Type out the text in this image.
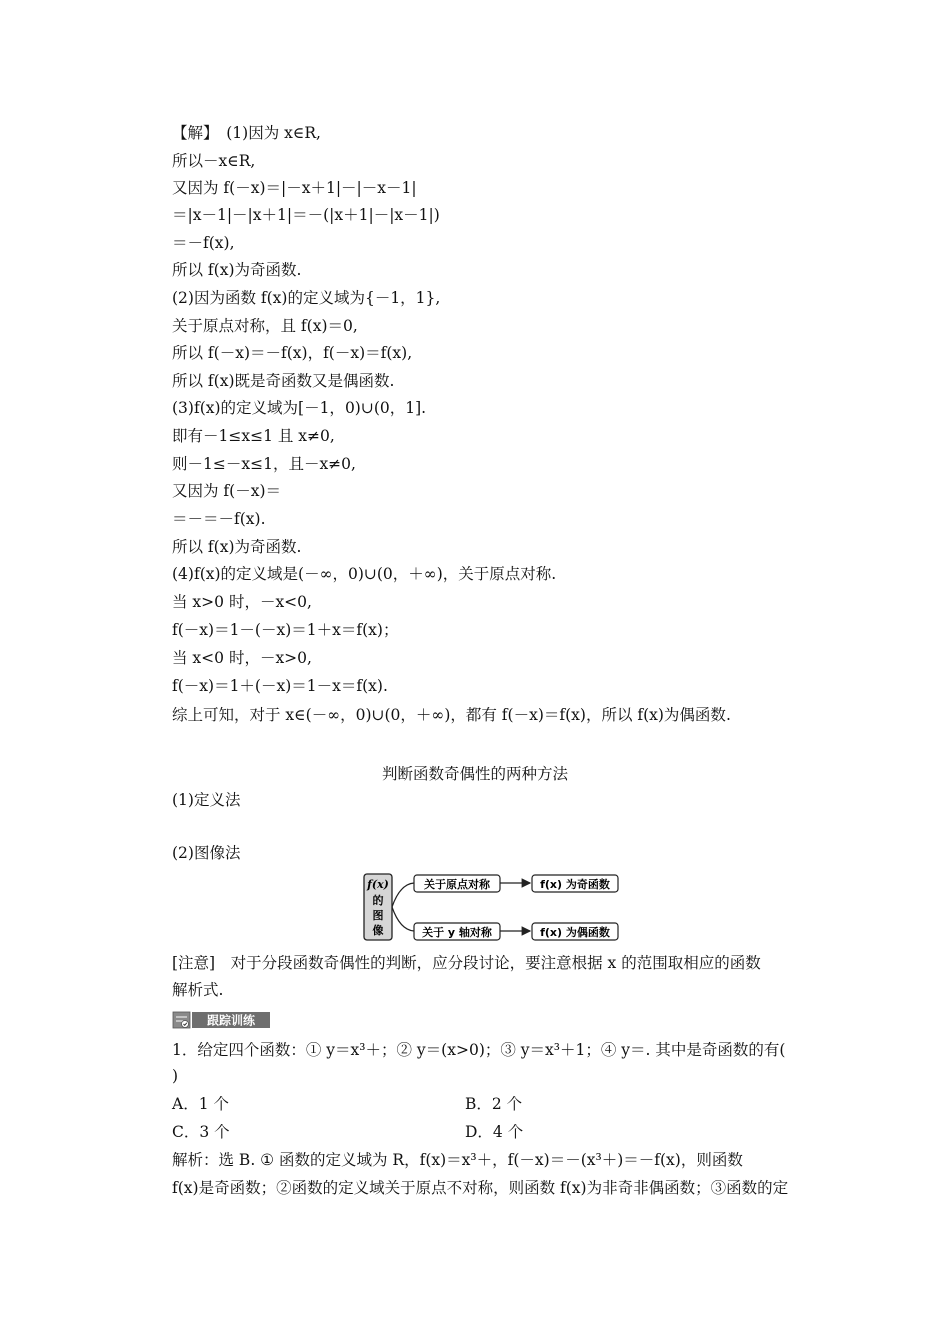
【解】　(1)因为 x∈R,
所以－x∈R,
又因为 f(－x)＝|－x＋1|－|－x－1|
＝|x－1|－|x＋1|＝－(|x＋1|－|x－1|)
＝－f(x),
所以 f(x)为奇函数.
(2)因为函数 f(x)的定义域为{－1，1},
关于原点对称，且 f(x)＝0,
所以 f(－x)＝－f(x)，f(－x)＝f(x),
所以 f(x)既是奇函数又是偶函数.
(3)f(x)的定义域为[－1，0)∪(0，1].
即有－1≤x≤1 且 x≠0,
则－1≤－x≤1，且－x≠0,
又因为 f(－x)＝
＝－＝－f(x).
所以 f(x)为奇函数.
(4)f(x)的定义域是(－∞，0)∪(0，＋∞)，关于原点对称.
当 x>0 时，－x<0,
f(－x)＝1－(－x)＝1＋x＝f(x)；
当 x<0 时，－x>0,
f(－x)＝1＋(－x)＝1－x＝f(x).
综上可知，对于 x∈(－∞，0)∪(0，＋∞)，都有 f(－x)＝f(x)，所以 f(x)为偶函数.
判断函数奇偶性的两种方法
(1)定义法
(2)图像法
f(x)
的
图
像
关于原点对称
关于 y 轴对称
f(x) 为奇函数
f(x) 为偶函数
[注意]　对于分段函数奇偶性的判断，应分段讨论，要注意根据 x 的范围取相应的函数
解析式.
跟踪训练
1．给定四个函数：① y＝x³＋；② y＝(x>0)；③ y＝x³＋1；④ y＝. 其中是奇函数的有(
)
A．1 个	B．2 个
C．3 个	D．4 个
解析：选 B. ① 函数的定义域为 R，f(x)＝x³＋，f(－x)＝－(x³＋)＝－f(x)，则函数
f(x)是奇函数；②函数的定义域关于原点不对称，则函数 f(x)为非奇非偶函数；③函数的定
